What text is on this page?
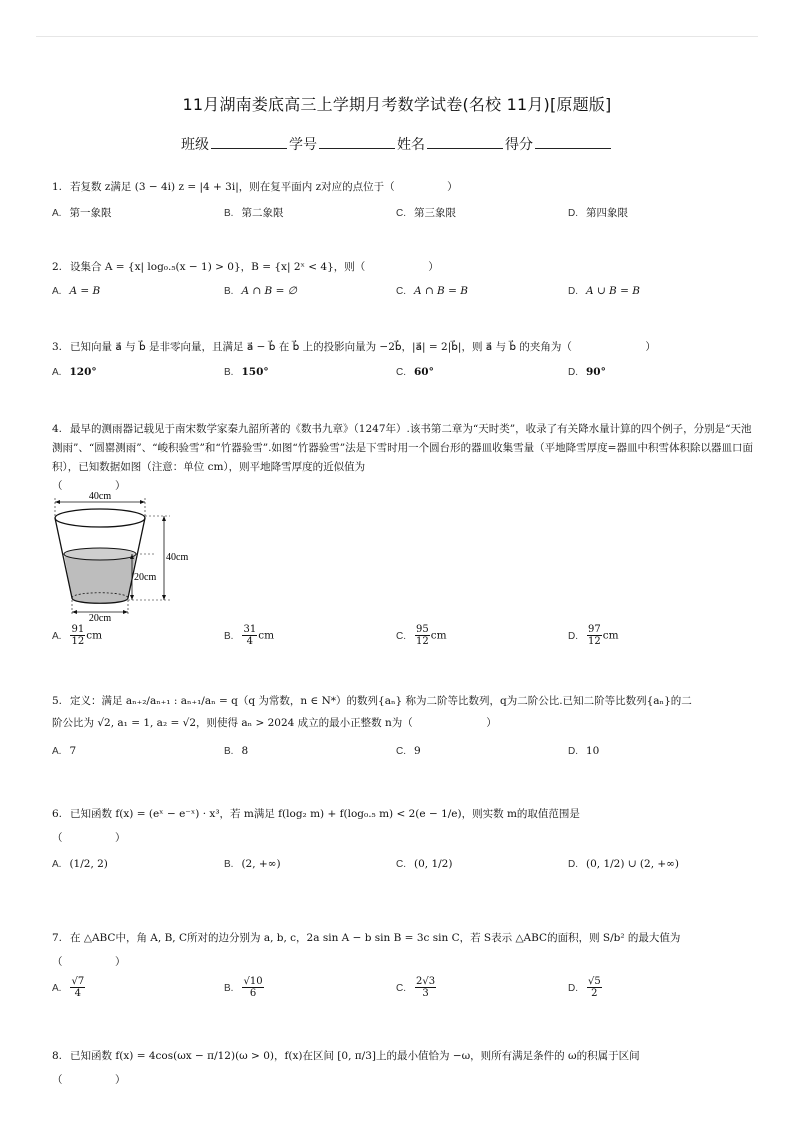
11月湖南娄底高三上学期月考数学试卷(名校 11月)[原题版]
班级	学号	姓名	得分
1. 若复数 z满足 (3 − 4i) z = |4 + 3i|，则在复平面内 z对应的点位于（　　　　　）
A. 第一象限	B. 第二象限	C. 第三象限	D. 第四象限
2. 设集合 A = {x| log₀.₅(x − 1) > 0}，B = {x| 2ˣ < 4}，则（　　　　　　）
A. A = B	B. A ∩ B = ∅	C. A ∩ B = B	D. A ∪ B = B
3. 已知向量 a⃗ 与 b⃗ 是非零向量，且满足 a⃗ − b⃗ 在 b⃗ 上的投影向量为 −2b⃗，|a⃗| = 2|b⃗|，则 a⃗ 与 b⃗ 的夹角为（　　　　　　　）
A. 120°	B. 150°	C. 60°	D. 90°
4. 最早的测雨器记载见于南宋数学家秦九韶所著的《数书九章》（1247年）.该书第二章为“天时类”，收录了有关降水量计算的四个例子，分别是“天池测雨”、“圆罂测雨”、“峻积验雪”和“竹器验雪”.如图“竹器验雪”法是下雪时用一个圆台形的器皿收集雪量（平地降雪厚度=器皿中积雪体积除以器皿口面积），已知数据如图（注意：单位 cm），则平地降雪厚度的近似值为
（　　　　　）
40cm
40cm
20cm
20cm
A. $\frac{91}{12}$ cm	B. $\frac{31}{4}$ cm	C. $\frac{95}{12}$ cm	D. $\frac{97}{12}$ cm
5. 定义：满足 aₙ₊₂/aₙ₊₁ : aₙ₊₁/aₙ = q（q 为常数，n ∈ N*）的数列{aₙ} 称为二阶等比数列，q为二阶公比.已知二阶等比数列{aₙ}的二
阶公比为 √2, a₁ = 1, a₂ = √2，则使得 aₙ > 2024 成立的最小正整数 n为（　　　　　　　）
A. 7	B. 8	C. 9	D. 10
6. 已知函数 f(x) = (eˣ − e⁻ˣ) · x³，若 m满足 f(log₂ m) + f(log₀.₅ m) < 2(e − 1/e)，则实数 m的取值范围是
（　　　　　）
A. (1/2, 2)	B. (2, +∞)	C. (0, 1/2)	D. (0, 1/2) ∪ (2, +∞)
7. 在 △ABC中，角 A, B, C所对的边分别为 a, b, c，2a sin A − b sin B = 3c sin C，若 S表示 △ABC的面积，则 S/b² 的最大值为
（　　　　　）
A. $\frac{√7}{4}$	B. $\frac{√10}{6}$	C. $\frac{2√3}{3}$	D. $\frac{√5}{2}$
8. 已知函数 f(x) = 4cos(ωx − π/12)(ω > 0)，f(x)在区间 [0, π/3]上的最小值恰为 −ω，则所有满足条件的 ω的积属于区间
（　　　　　）
